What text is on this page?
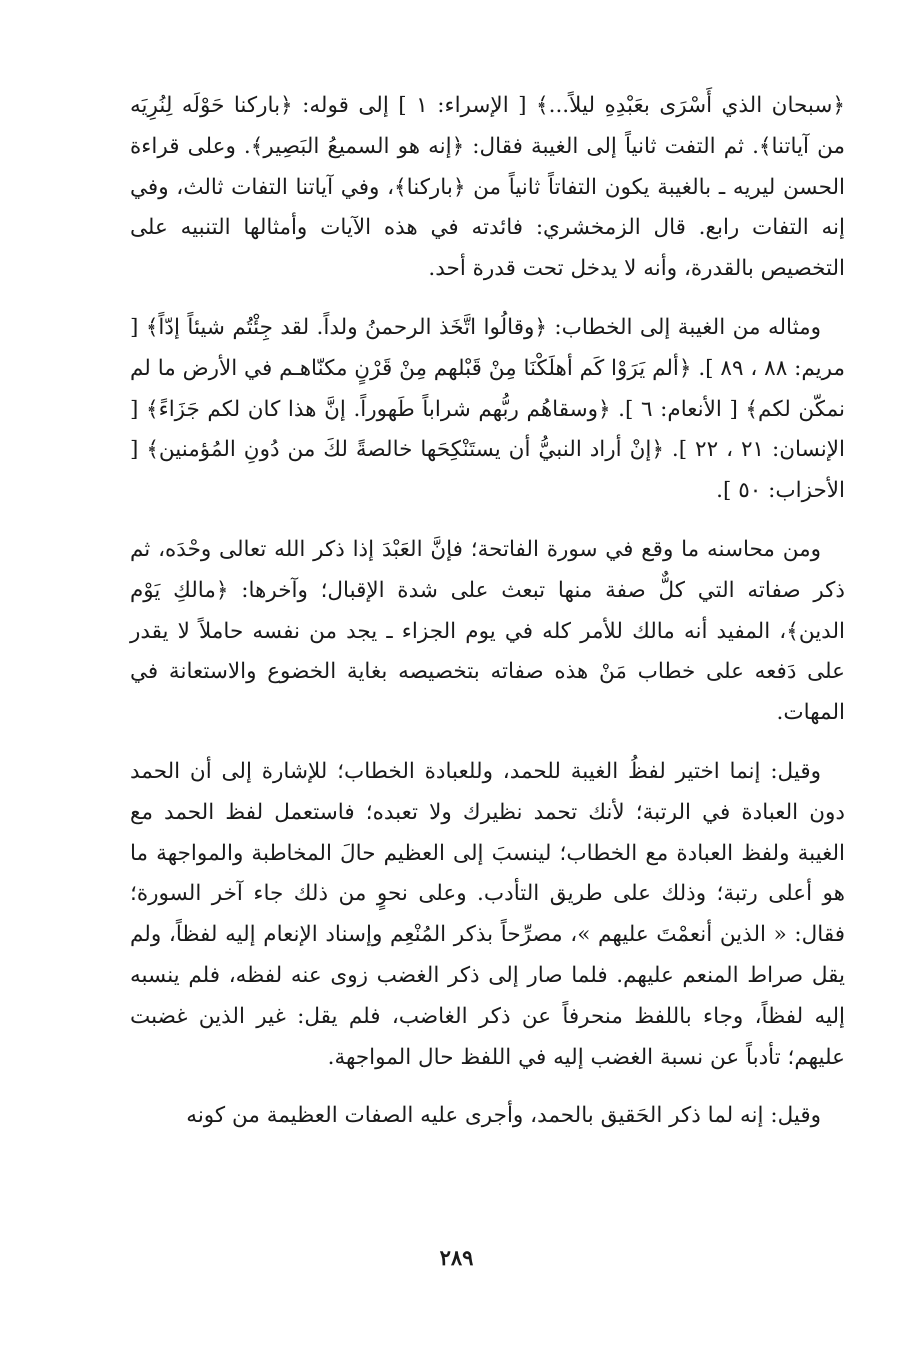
﴿سبحان الذي أَسْرَى بعَبْدِهِ ليلاً...﴾ [ الإسراء: ١ ] إلى قوله: ﴿باركنا حَوْلَه لِنُرِيَه من آياتنا﴾. ثم التفت ثانياً إلى الغيبة فقال: ﴿إنه هو السميعُ البَصِير﴾. وعلى قراءة الحسن ليريه ـ بالغيبة يكون التفاتاً ثانياً من ﴿باركنا﴾، وفي آياتنا التفات ثالث، وفي إنه التفات رابع. قال الزمخشري: فائدته في هذه الآيات وأمثالها التنبيه على التخصيص بالقدرة، وأنه لا يدخل تحت قدرة أحد.

ومثاله من الغيبة إلى الخطاب: ﴿وقالُوا اتَّخَذ الرحمنُ ولداً. لقد جِئْتُم شيئاً إدّاً﴾ [ مريم: ٨٨ ، ٨٩ ]. ﴿ألم يَرَوْا كَم أهلَكْنَا مِنْ قَبْلهم مِنْ قَرْنٍ مكنّاهـم في الأرض ما لم نمكّن لكم﴾ [ الأنعام: ٦ ]. ﴿وسقاهُم ربُّهم شراباً طَهوراً. إنَّ هذا كان لكم جَزَاءً﴾ [ الإنسان: ٢١ ، ٢٢ ]. ﴿إنْ أراد النبيُّ أن يستَنْكِحَها خالصةً لكَ من دُونِ المُؤمنين﴾ [ الأحزاب: ٥٠ ].

ومن محاسنه ما وقع في سورة الفاتحة؛ فإنَّ العَبْدَ إذا ذكر الله تعالى وحْدَه، ثم ذكر صفاته التي كلٌّ صفة منها تبعث على شدة الإقبال؛ وآخرها: ﴿مالكِ يَوْم الدين﴾، المفيد أنه مالك للأمر كله في يوم الجزاء ـ يجد من نفسه حاملاً لا يقدر على دَفعه على خطاب مَنْ هذه صفاته بتخصيصه بغاية الخضوع والاستعانة في المهات.

وقيل: إنما اختير لفظُ الغيبة للحمد، وللعبادة الخطاب؛ للإشارة إلى أن الحمد دون العبادة في الرتبة؛ لأنك تحمد نظيرك ولا تعبده؛ فاستعمل لفظ الحمد مع الغيبة ولفظ العبادة مع الخطاب؛ لينسبَ إلى العظيم حالَ المخاطبة والمواجهة ما هو أعلى رتبة؛ وذلك على طريق التأدب. وعلى نحوٍ من ذلك جاء آخر السورة؛ فقال: « الذين أنعمْتَ عليهم »، مصرِّحاً بذكر المُنْعِم وإسناد الإنعام إليه لفظاً، ولم يقل صراط المنعم عليهم. فلما صار إلى ذكر الغضب زوى عنه لفظه، فلم ينسبه إليه لفظاً، وجاء باللفظ منحرفاً عن ذكر الغاضب، فلم يقل: غير الذين غضبت عليهم؛ تأدباً عن نسبة الغضب إليه في اللفظ حال المواجهة.

وقيل: إنه لما ذكر الحَقيق بالحمد، وأجرى عليه الصفات العظيمة من كونه

٢٨٩
